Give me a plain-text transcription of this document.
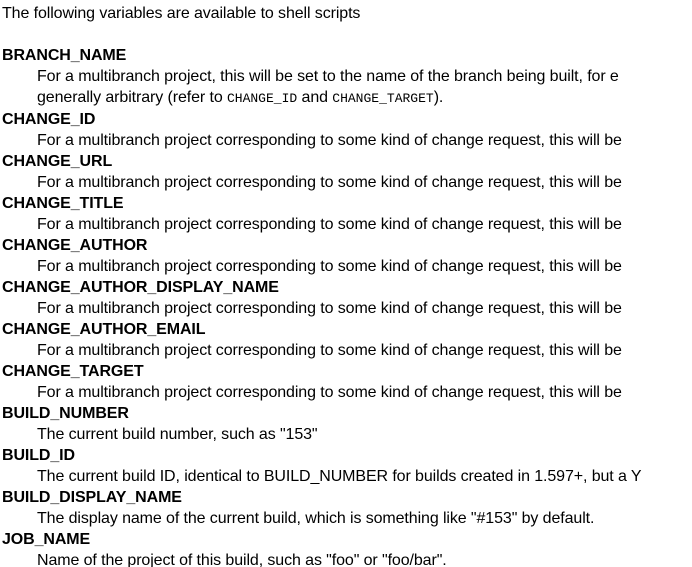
The following variables are available to shell scripts

BRANCH_NAME
For a multibranch project, this will be set to the name of the branch being built, for e
generally arbitrary (refer to CHANGE_ID and CHANGE_TARGET).
CHANGE_ID
For a multibranch project corresponding to some kind of change request, this will be
CHANGE_URL
For a multibranch project corresponding to some kind of change request, this will be
CHANGE_TITLE
For a multibranch project corresponding to some kind of change request, this will be
CHANGE_AUTHOR
For a multibranch project corresponding to some kind of change request, this will be
CHANGE_AUTHOR_DISPLAY_NAME
For a multibranch project corresponding to some kind of change request, this will be
CHANGE_AUTHOR_EMAIL
For a multibranch project corresponding to some kind of change request, this will be
CHANGE_TARGET
For a multibranch project corresponding to some kind of change request, this will be
BUILD_NUMBER
The current build number, such as "153"
BUILD_ID
The current build ID, identical to BUILD_NUMBER for builds created in 1.597+, but a Y
BUILD_DISPLAY_NAME
The display name of the current build, which is something like "#153" by default.
JOB_NAME
Name of the project of this build, such as "foo" or "foo/bar".
